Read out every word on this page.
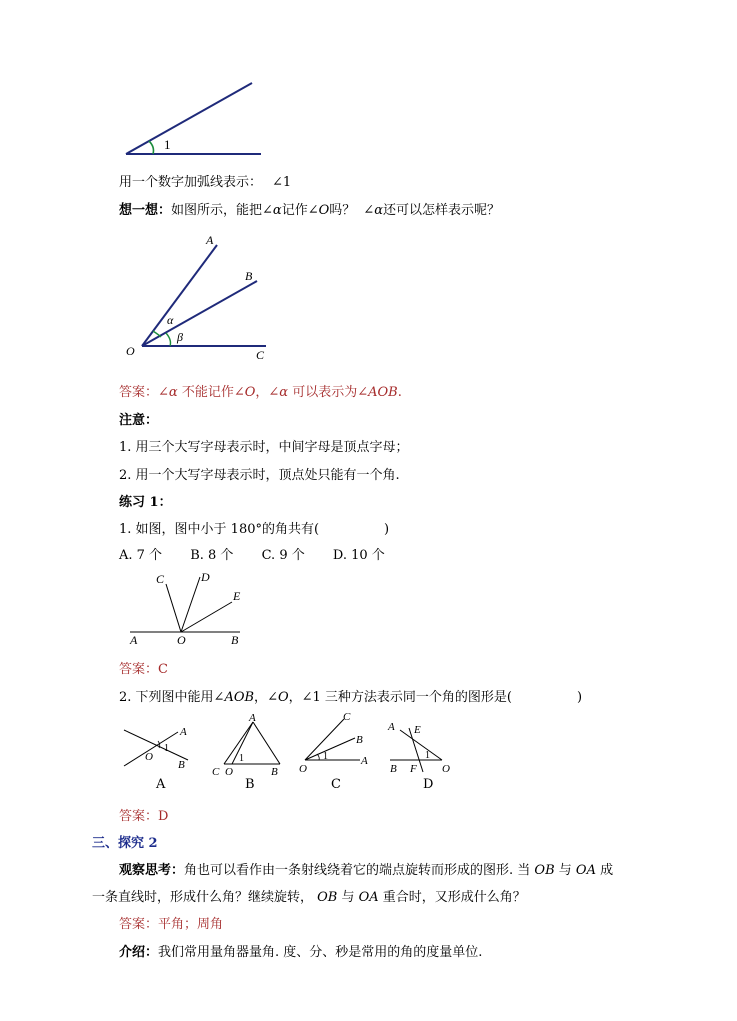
1
用一个数字加弧线表示： ∠1
想一想：如图所示，能把∠α记作∠O吗？ ∠α还可以怎样表示呢？
A
B
O	C
α
β
答案：∠α 不能记作∠O，∠α 可以表示为∠AOB.
注意：
1. 用三个大写字母表示时，中间字母是顶点字母；
2. 用一个大写字母表示时，顶点处只能有一个角.
练习 1：
1. 如图，图中小于 180°的角共有(　　　　　)
A. 7 个 B. 8 个 C. 9 个 D. 10 个
C	D
E
A	O	B
答案：C
2. 下列图中能用∠AOB，∠O，∠1 三种方法表示同一个角的图形是(　　　　　)
A
1
O
B
A
1
C O	B
1
C
B
A
O
A E
1
B F O
A	B	C	D
答案：D
三、探究 2
观察思考：角也可以看作由一条射线绕着它的端点旋转而形成的图形. 当 OB 与 OA 成
一条直线时，形成什么角？继续旋转， OB 与 OA 重合时，又形成什么角？
答案：平角；周角
介绍：我们常用量角器量角. 度、分、秒是常用的角的度量单位.
